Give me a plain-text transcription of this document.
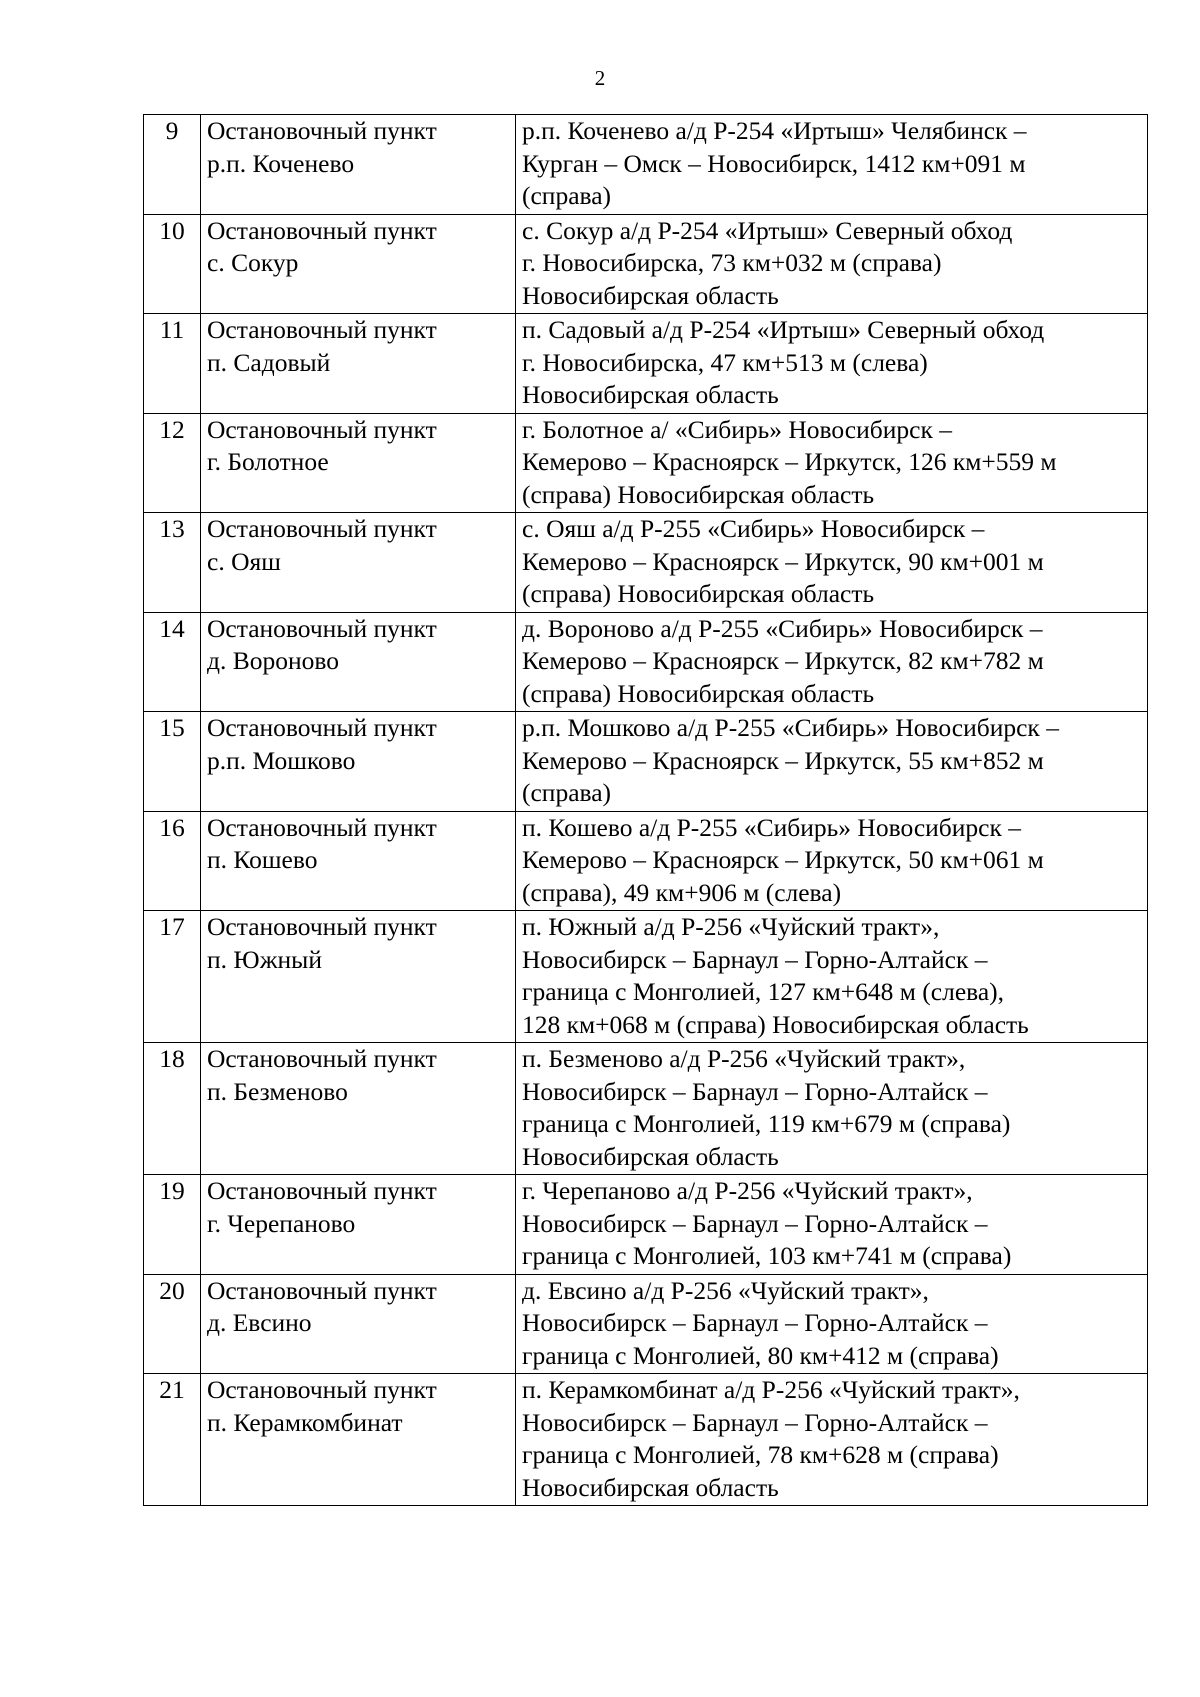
2
9	Остановочный пункт
р.п. Коченево	р.п. Коченево а/д Р-254 «Иртыш» Челябинск –
Курган – Омск – Новосибирск, 1412 км+091 м
(справа)

10	Остановочный пункт
с. Сокур	с. Сокур а/д Р-254 «Иртыш» Северный обход
г. Новосибирска, 73 км+032 м (справа)
Новосибирская область

11	Остановочный пункт
п. Садовый	п. Садовый а/д Р-254 «Иртыш» Северный обход
г. Новосибирска, 47 км+513 м (слева)
Новосибирская область

12	Остановочный пункт
г. Болотное	г. Болотное а/ «Сибирь» Новосибирск –
Кемерово – Красноярск – Иркутск, 126 км+559 м
(справа) Новосибирская область

13	Остановочный пункт
с. Ояш	с. Ояш а/д Р-255 «Сибирь» Новосибирск –
Кемерово – Красноярск – Иркутск, 90 км+001 м
(справа) Новосибирская область

14	Остановочный пункт
д. Вороново	д. Вороново а/д Р-255 «Сибирь» Новосибирск –
Кемерово – Красноярск – Иркутск, 82 км+782 м
(справа) Новосибирская область

15	Остановочный пункт
р.п. Мошково	р.п. Мошково а/д Р-255 «Сибирь» Новосибирск –
Кемерово – Красноярск – Иркутск, 55 км+852 м
(справа)

16	Остановочный пункт
п. Кошево	п. Кошево а/д Р-255 «Сибирь» Новосибирск –
Кемерово – Красноярск – Иркутск, 50 км+061 м
(справа), 49 км+906 м (слева)

17	Остановочный пункт
п. Южный	п. Южный а/д Р-256 «Чуйский тракт»,
Новосибирск – Барнаул – Горно-Алтайск –
граница с Монголией, 127 км+648 м (слева),
128 км+068 м (справа) Новосибирская область

18	Остановочный пункт
п. Безменово	п. Безменово а/д Р-256 «Чуйский тракт»,
Новосибирск – Барнаул – Горно-Алтайск –
граница с Монголией, 119 км+679 м (справа)
Новосибирская область

19	Остановочный пункт
г. Черепаново	г. Черепаново а/д Р-256 «Чуйский тракт»,
Новосибирск – Барнаул – Горно-Алтайск –
граница с Монголией, 103 км+741 м (справа)

20	Остановочный пункт
д. Евсино	д. Евсино а/д Р-256 «Чуйский тракт»,
Новосибирск – Барнаул – Горно-Алтайск –
граница с Монголией, 80 км+412 м (справа)

21	Остановочный пункт
п. Керамкомбинат	п. Керамкомбинат а/д Р-256 «Чуйский тракт»,
Новосибирск – Барнаул – Горно-Алтайск –
граница с Монголией, 78 км+628 м (справа)
Новосибирская область
